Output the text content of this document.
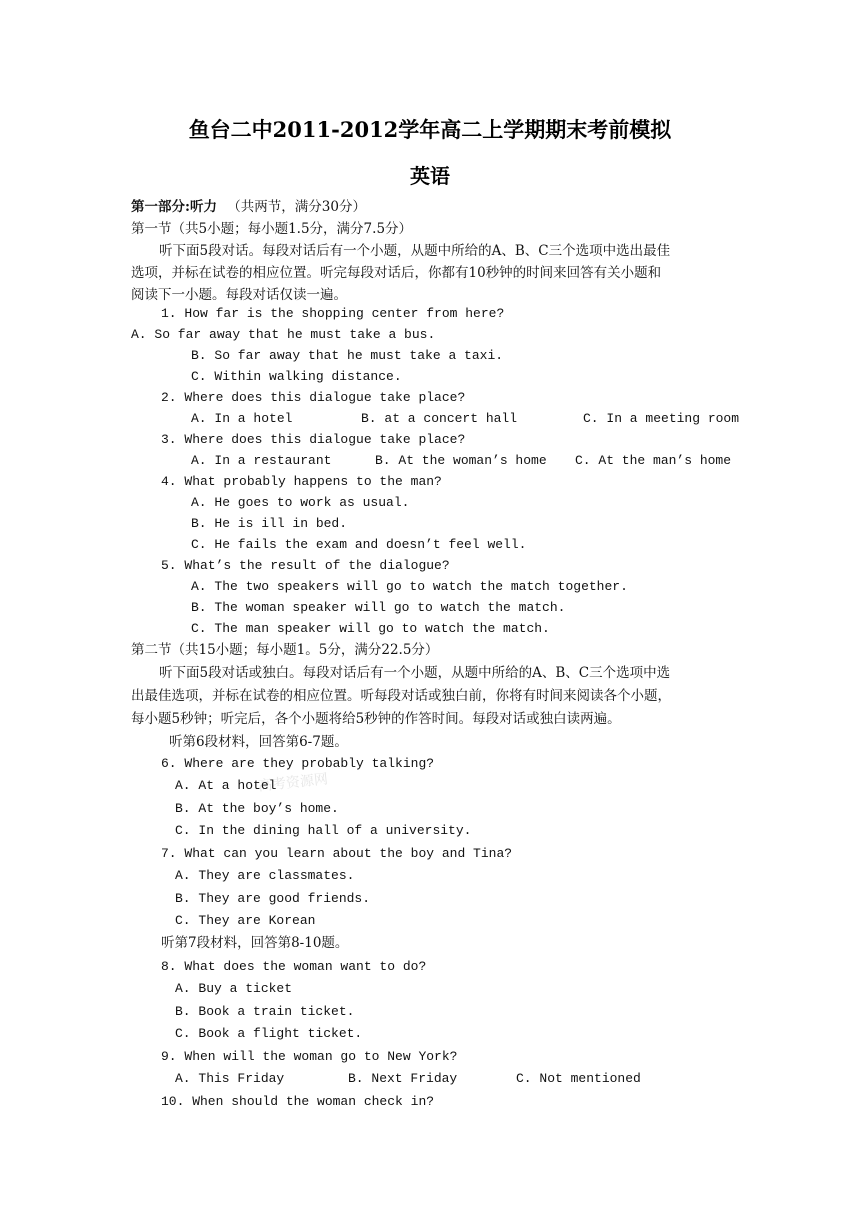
鱼台二中2011-2012学年高二上学期期末考前模拟
英语
第一部分:听力 （共两节，满分30分）
第一节（共5小题；每小题1.5分，满分7.5分）
听下面5段对话。每段对话后有一个小题，从题中所给的A、B、C三个选项中选出最佳
选项，并标在试卷的相应位置。听完每段对话后，你都有10秒钟的时间来回答有关小题和
阅读下一小题。每段对话仅读一遍。
1. How far is the shopping center from here?
A. So far away that he must take a bus.
B. So far away that he must take a taxi.
C. Within walking distance.
2. Where does this dialogue take place?
A. In a hotel	B. at a concert hall	C. In a meeting room
3. Where does this dialogue take place?
A. In a restaurant	B. At the woman’s home C. At the man’s home
4. What probably happens to the man?
A. He goes to work as usual.
B. He is ill in bed.
C. He fails the exam and doesn’t feel well.
5. What’s the result of the dialogue?
A. The two speakers will go to watch the match together.
B. The woman speaker will go to watch the match.
C. The man speaker will go to watch the match.
第二节（共15小题；每小题1。5分，满分22.5分）
听下面5段对话或独白。每段对话后有一个小题，从题中所给的A、B、C三个选项中选
出最佳选项，并标在试卷的相应位置。听每段对话或独白前，你将有时间来阅读各个小题，
每小题5秒钟；听完后，各个小题将给5秒钟的作答时间。每段对话或独白读两遍。
听第6段材料，回答第6-7题。
高考资源网
6. Where are they probably talking?
A. At a hotel
B. At the boy’s home.
C. In the dining hall of a university.
7. What can you learn about the boy and Tina?
A. They are classmates.
B. They are good friends.
C. They are Korean
听第7段材料，回答第8-10题。
8. What does the woman want to do?
A. Buy a ticket
B. Book a train ticket.
C. Book a flight ticket.
9. When will the woman go to New York?
A. This Friday	B. Next Friday	C. Not mentioned
10. When should the woman check in?
